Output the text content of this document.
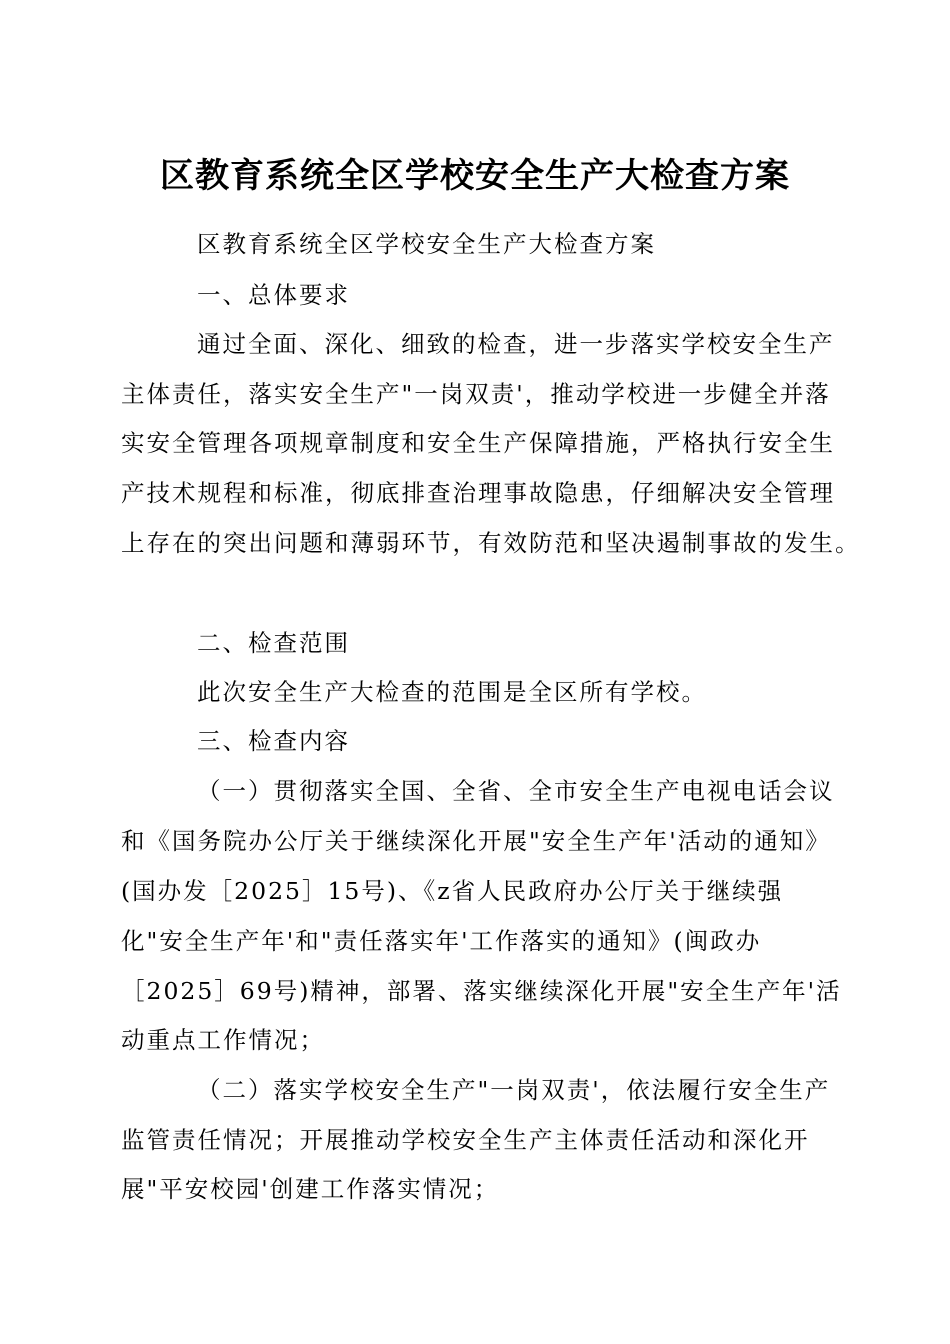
区教育系统全区学校安全生产大检查方案

区教育系统全区学校安全生产大检查方案

一、总体要求

通过全面、深化、细致的检查，进一步落实学校安全生产

主体责任，落实安全生产"一岗双责'，推动学校进一步健全并落

实安全管理各项规章制度和安全生产保障措施，严格执行安全生

产技术规程和标准，彻底排查治理事故隐患，仔细解决安全管理

上存在的突出问题和薄弱环节，有效防范和坚决遏制事故的发生。

二、检查范围

此次安全生产大检查的范围是全区所有学校。

三、检查内容

（一）贯彻落实全国、全省、全市安全生产电视电话会议

和《国务院办公厅关于继续深化开展"安全生产年'活动的通知》

(国办发［2025］15号)、《z省人民政府办公厅关于继续强

化"安全生产年'和"责任落实年'工作落实的通知》(闽政办

［2025］69号)精神，部署、落实继续深化开展"安全生产年'活

动重点工作情况；

（二）落实学校安全生产"一岗双责'，依法履行安全生产

监管责任情况；开展推动学校安全生产主体责任活动和深化开

展"平安校园'创建工作落实情况；
